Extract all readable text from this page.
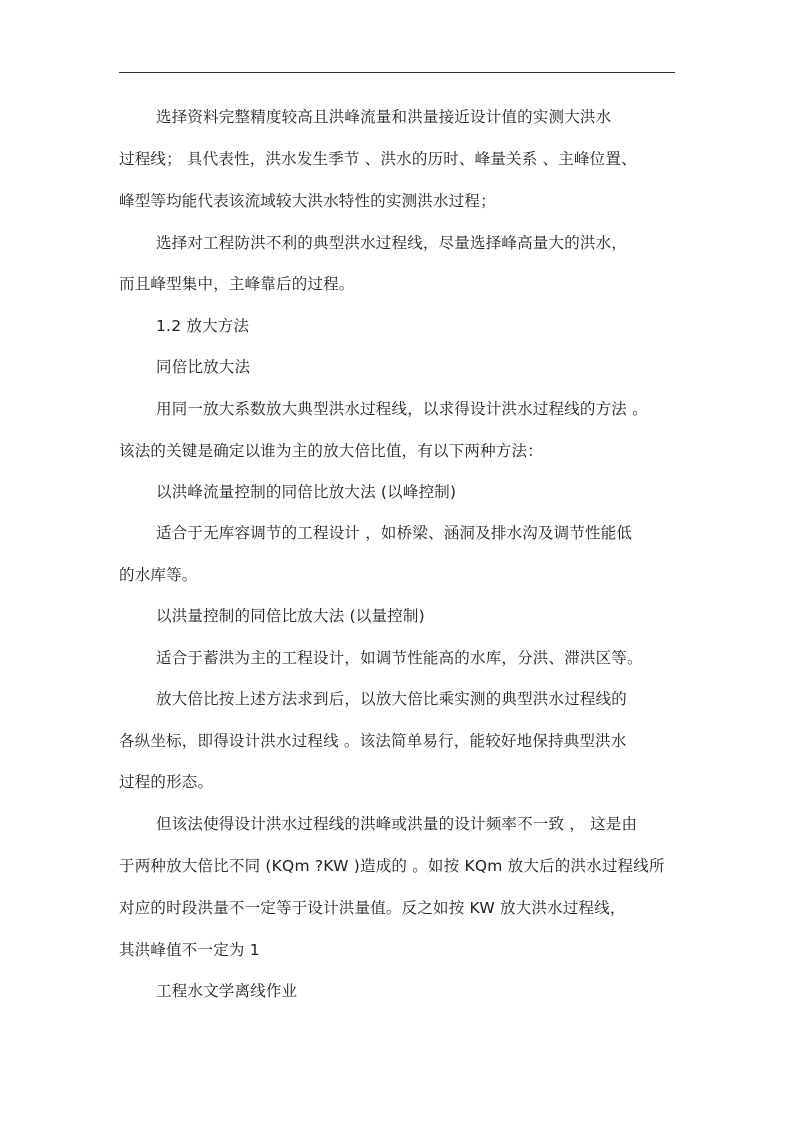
选择资料完整精度较高且洪峰流量和洪量接近设计值的实测大洪水
过程线； 具代表性，洪水发生季节 、洪水的历时、峰量关系 、主峰位置、
峰型等均能代表该流域较大洪水特性的实测洪水过程；
选择对工程防洪不利的典型洪水过程线，尽量选择峰高量大的洪水，
而且峰型集中，主峰靠后的过程。
1.2 放大方法
同倍比放大法
用同一放大系数放大典型洪水过程线，以求得设计洪水过程线的方法 。
该法的关键是确定以谁为主的放大倍比值，有以下两种方法：
以洪峰流量控制的同倍比放大法 (以峰控制)
适合于无库容调节的工程设计 ，如桥梁、涵洞及排水沟及调节性能低
的水库等。
以洪量控制的同倍比放大法 (以量控制)
适合于蓄洪为主的工程设计，如调节性能高的水库，分洪、滞洪区等。
放大倍比按上述方法求到后，以放大倍比乘实测的典型洪水过程线的
各纵坐标，即得设计洪水过程线 。该法简单易行，能较好地保持典型洪水
过程的形态。
但该法使得设计洪水过程线的洪峰或洪量的设计频率不一致 ， 这是由
于两种放大倍比不同 (KQm ?KW )造成的 。如按 KQm 放大后的洪水过程线所
对应的时段洪量不一定等于设计洪量值。反之如按 KW 放大洪水过程线，
其洪峰值不一定为 1
工程水文学离线作业
